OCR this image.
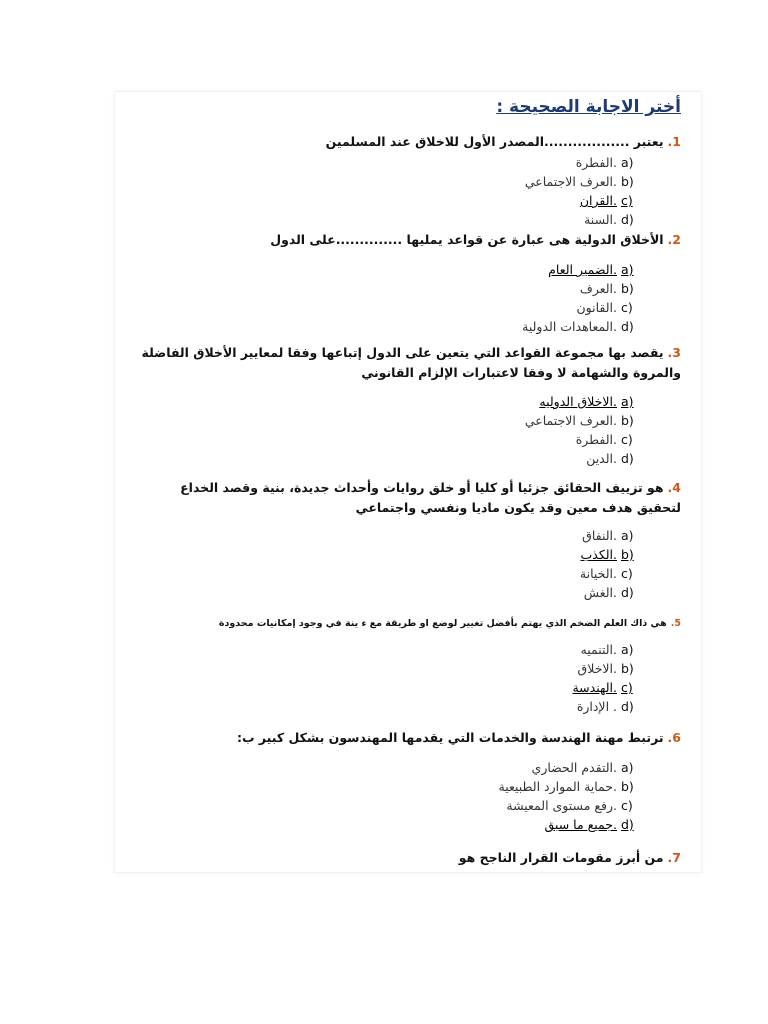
أختر الاجابة الصحيحة :
1.يعتبر ..................المصدر الأول للاخلاق عند المسلمين
a)
.الفطرة
b)
.العرف الاجتماعي
c)
.القران
d)
.السنة
2.الأخلاق الدولية هى عبارة عن قواعد يمليها ..............على الدول
a)
.الضمير العام
b)
.العرف
c)
.القانون
d)
.المعاهدات الدولية
3.يقصد بها مجموعة القواعد التي يتعين على الدول إتباعها وفقا لمعايير الأخلاق الفاضلة والمروة والشهامة لا وفقا لاعتبارات الإلزام القانوني
a)
.الاخلاق الدوليه
b)
.العرف الاجتماعي
c)
.الفطرة
d)
.الدين
4.هو تزييف الحقائق جزئيا أو كليا أو خلق روايات وأحداث جديدة، بنية وقصد الخداع لتحقيق هدف معين وقد يكون ماديا ونفسي واجتماعي
a)
.النفاق
b)
.الكذب
c)
.الخيانة
d)
.الغش
5.هي ذاك العلم الضخم الذي يهتم بأفضل تغيير لوضع او طريقة مع ء ينة في وجود إمكانيات محدودة
a)
.التنميه
b)
.الاخلاق
c)
.الهندسة
d)
. الإدارة
6.ترتبط مهنة الهندسة والخدمات التي يقدمها المهندسون بشكل كبير ب:
a)
.التقدم الحضاري
b)
.حماية الموارد الطبيعية
c)
.رفع مستوى المعيشة
d)
.جميع ما سبق
7.من أبرز مقومات القرار الناجح هو
